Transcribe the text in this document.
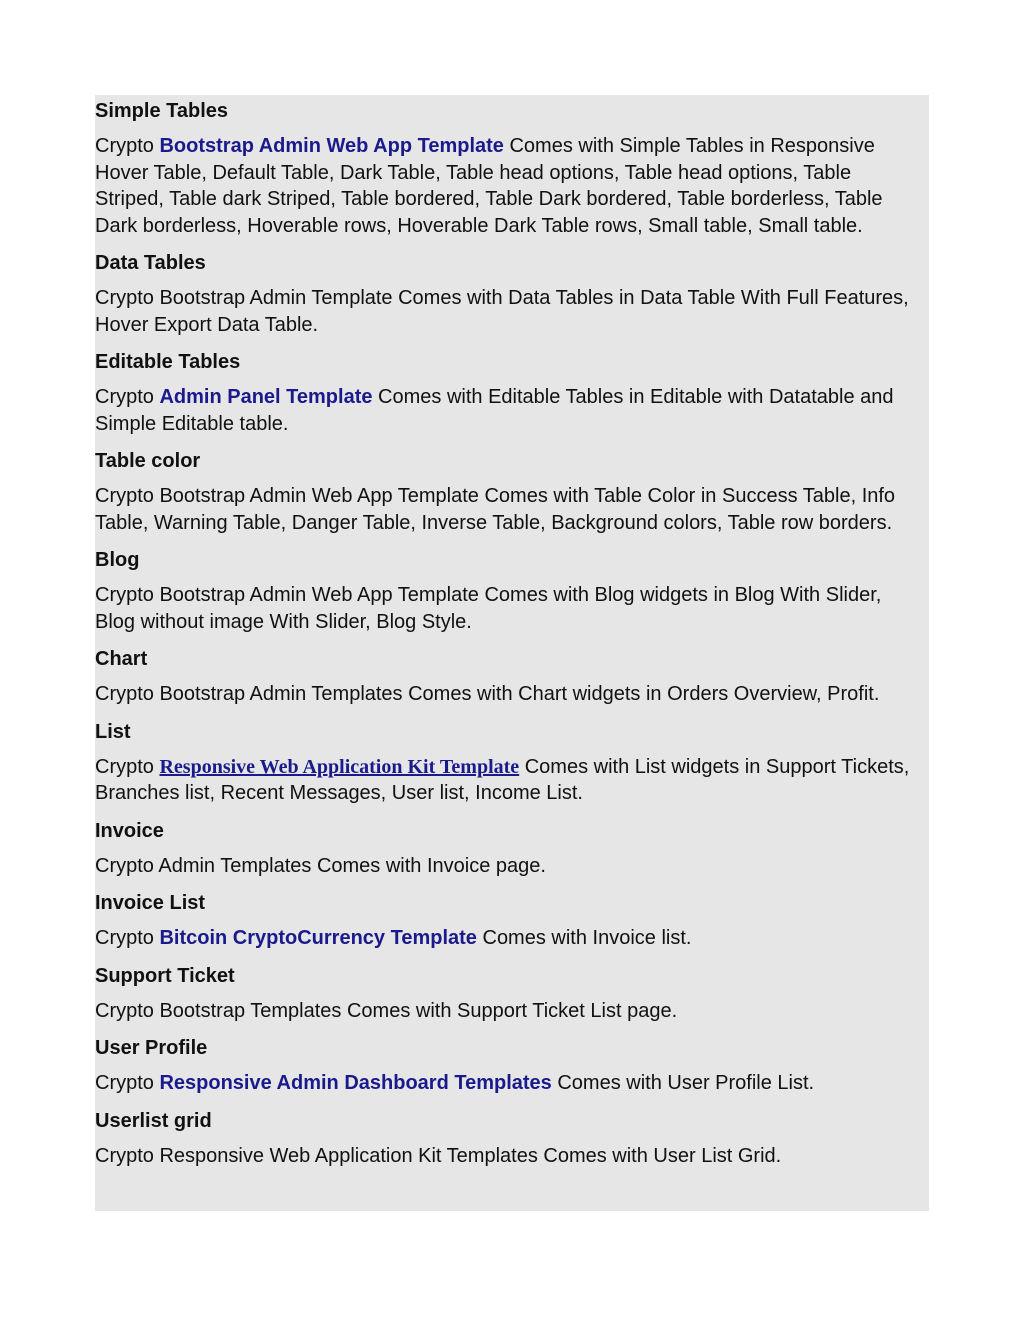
Simple Tables

Crypto Bootstrap Admin Web App Template Comes with Simple Tables in Responsive Hover Table, Default Table, Dark Table, Table head options, Table head options, Table Striped, Table dark Striped, Table bordered, Table Dark bordered, Table borderless, Table Dark borderless, Hoverable rows, Hoverable Dark Table rows, Small table, Small table.

Data Tables

Crypto Bootstrap Admin Template Comes with Data Tables in Data Table With Full Features, Hover Export Data Table.

Editable Tables

Crypto Admin Panel Template Comes with Editable Tables in Editable with Datatable and Simple Editable table.

Table color

Crypto Bootstrap Admin Web App Template Comes with Table Color in Success Table, Info Table, Warning Table, Danger Table, Inverse Table, Background colors, Table row borders.

Blog

Crypto Bootstrap Admin Web App Template Comes with Blog widgets in Blog With Slider, Blog without image With Slider, Blog Style.

Chart

Crypto Bootstrap Admin Templates Comes with Chart widgets in Orders Overview, Profit.

List

Crypto Responsive Web Application Kit Template Comes with List widgets in Support Tickets, Branches list, Recent Messages, User list, Income List.

Invoice

Crypto Admin Templates Comes with Invoice page.

Invoice List

Crypto Bitcoin CryptoCurrency Template Comes with Invoice list.

Support Ticket

Crypto Bootstrap Templates Comes with Support Ticket List page.

User Profile

Crypto Responsive Admin Dashboard Templates Comes with User Profile List.

Userlist grid

Crypto Responsive Web Application Kit Templates Comes with User List Grid.
